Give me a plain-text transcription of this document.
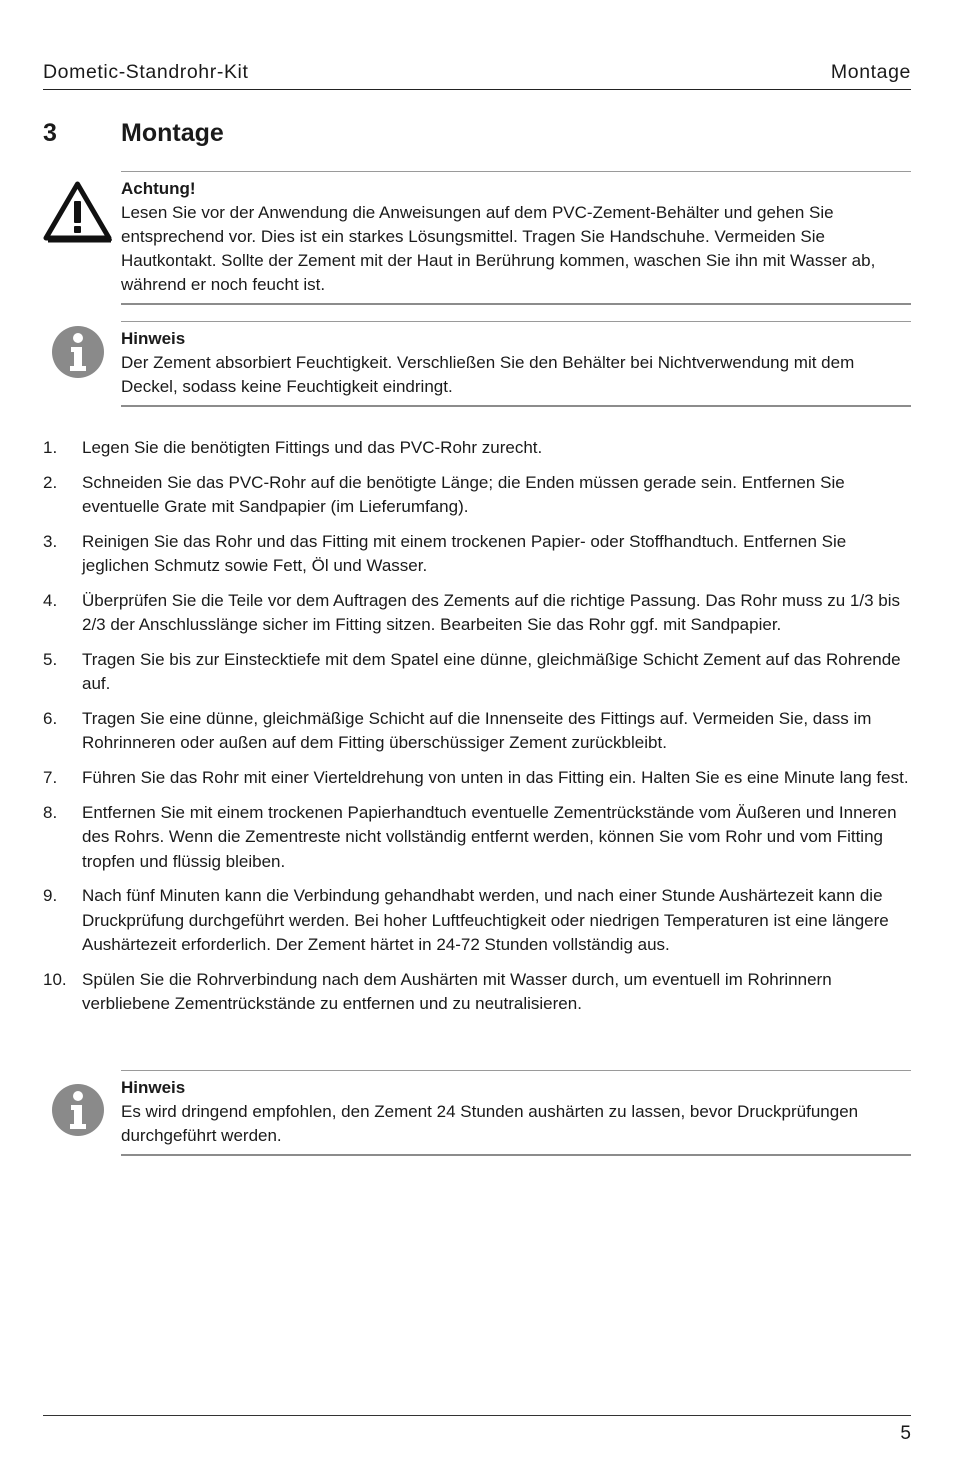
Dometic-Standrohr-Kit	Montage
3	Montage
Achtung!
Lesen Sie vor der Anwendung die Anweisungen auf dem PVC-Zement-Behälter und gehen Sie entsprechend vor. Dies ist ein starkes Lösungsmittel. Tragen Sie Handschuhe. Vermeiden Sie Hautkontakt. Sollte der Zement mit der Haut in Berührung kommen, waschen Sie ihn mit Wasser ab, während er noch feucht ist.
Hinweis
Der Zement absorbiert Feuchtigkeit. Verschließen Sie den Behälter bei Nichtverwendung mit dem Deckel, sodass keine Feuchtigkeit eindringt.
1. Legen Sie die benötigten Fittings und das PVC-Rohr zurecht.
2. Schneiden Sie das PVC-Rohr auf die benötigte Länge; die Enden müssen gerade sein. Entfernen Sie eventuelle Grate mit Sandpapier (im Lieferumfang).
3. Reinigen Sie das Rohr und das Fitting mit einem trockenen Papier- oder Stoffhandtuch. Entfernen Sie jeglichen Schmutz sowie Fett, Öl und Wasser.
4. Überprüfen Sie die Teile vor dem Auftragen des Zements auf die richtige Passung. Das Rohr muss zu 1/3 bis 2/3 der Anschlusslänge sicher im Fitting sitzen. Bearbeiten Sie das Rohr ggf. mit Sandpapier.
5. Tragen Sie bis zur Einstecktiefe mit dem Spatel eine dünne, gleichmäßige Schicht Zement auf das Rohrende auf.
6. Tragen Sie eine dünne, gleichmäßige Schicht auf die Innenseite des Fittings auf. Vermeiden Sie, dass im Rohrinneren oder außen auf dem Fitting überschüssiger Zement zurückbleibt.
7. Führen Sie das Rohr mit einer Vierteldrehung von unten in das Fitting ein. Halten Sie es eine Minute lang fest.
8. Entfernen Sie mit einem trockenen Papierhandtuch eventuelle Zementrückstände vom Äußeren und Inneren des Rohrs. Wenn die Zementreste nicht vollständig entfernt werden, können Sie vom Rohr und vom Fitting tropfen und flüssig bleiben.
9. Nach fünf Minuten kann die Verbindung gehandhabt werden, und nach einer Stunde Aushärtezeit kann die Druckprüfung durchgeführt werden. Bei hoher Luftfeuchtigkeit oder niedrigen Temperaturen ist eine längere Aushärtezeit erforderlich. Der Zement härtet in 24-72 Stunden vollständig aus.
10. Spülen Sie die Rohrverbindung nach dem Aushärten mit Wasser durch, um eventuell im Rohrinnern verbliebene Zementrückstände zu entfernen und zu neutralisieren.
Hinweis
Es wird dringend empfohlen, den Zement 24 Stunden aushärten zu lassen, bevor Druckprüfungen durchgeführt werden.
5
